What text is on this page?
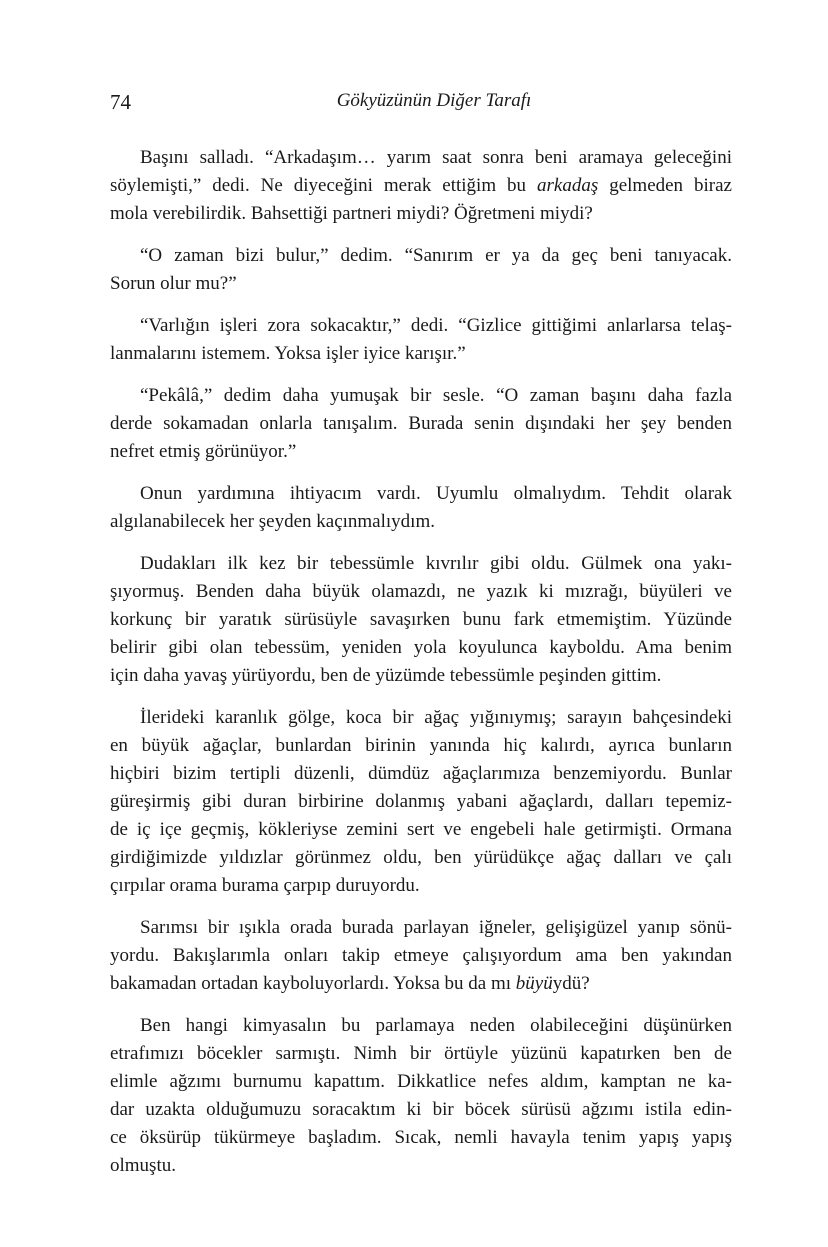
74	Gökyüzünün Diğer Tarafı
Başını salladı. “Arkadaşım… yarım saat sonra beni aramaya geleceğini
söylemişti,” dedi. Ne diyeceğini merak ettiğim bu arkadaş gelmeden biraz
mola verebilirdik. Bahsettiği partneri miydi? Öğretmeni miydi?
“O zaman bizi bulur,” dedim. “Sanırım er ya da geç beni tanıyacak.
Sorun olur mu?”
“Varlığın işleri zora sokacaktır,” dedi. “Gizlice gittiğimi anlarlarsa telaş-
lanmalarını istemem. Yoksa işler iyice karışır.”
“Pekâlâ,” dedim daha yumuşak bir sesle. “O zaman başını daha fazla
derde sokamadan onlarla tanışalım. Burada senin dışındaki her şey benden
nefret etmiş görünüyor.”
Onun yardımına ihtiyacım vardı. Uyumlu olmalıydım. Tehdit olarak
algılanabilecek her şeyden kaçınmalıydım.
Dudakları ilk kez bir tebessümle kıvrılır gibi oldu. Gülmek ona yakı-
şıyormuş. Benden daha büyük olamazdı, ne yazık ki mızrağı, büyüleri ve
korkunç bir yaratık sürüsüyle savaşırken bunu fark etmemiştim. Yüzünde
belirir gibi olan tebessüm, yeniden yola koyulunca kayboldu. Ama benim
için daha yavaş yürüyordu, ben de yüzümde tebessümle peşinden gittim.
İlerideki karanlık gölge, koca bir ağaç yığınıymış; sarayın bahçesindeki
en büyük ağaçlar, bunlardan birinin yanında hiç kalırdı, ayrıca bunların
hiçbiri bizim tertipli düzenli, dümdüz ağaçlarımıza benzemiyordu. Bunlar
güreşirmiş gibi duran birbirine dolanmış yabani ağaçlardı, dalları tepemiz-
de iç içe geçmiş, kökleriyse zemini sert ve engebeli hale getirmişti. Ormana
girdiğimizde yıldızlar görünmez oldu, ben yürüdükçe ağaç dalları ve çalı
çırpılar orama burama çarpıp duruyordu.
Sarımsı bir ışıkla orada burada parlayan iğneler, gelişigüzel yanıp sönü-
yordu. Bakışlarımla onları takip etmeye çalışıyordum ama ben yakından
bakamadan ortadan kayboluyorlardı. Yoksa bu da mı büyüydü?
Ben hangi kimyasalın bu parlamaya neden olabileceğini düşünürken
etrafımızı böcekler sarmıştı. Nimh bir örtüyle yüzünü kapatırken ben de
elimle ağzımı burnumu kapattım. Dikkatlice nefes aldım, kamptan ne ka-
dar uzakta olduğumuzu soracaktım ki bir böcek sürüsü ağzımı istila edin-
ce öksürüp tükürmeye başladım. Sıcak, nemli havayla tenim yapış yapış
olmuştu.
